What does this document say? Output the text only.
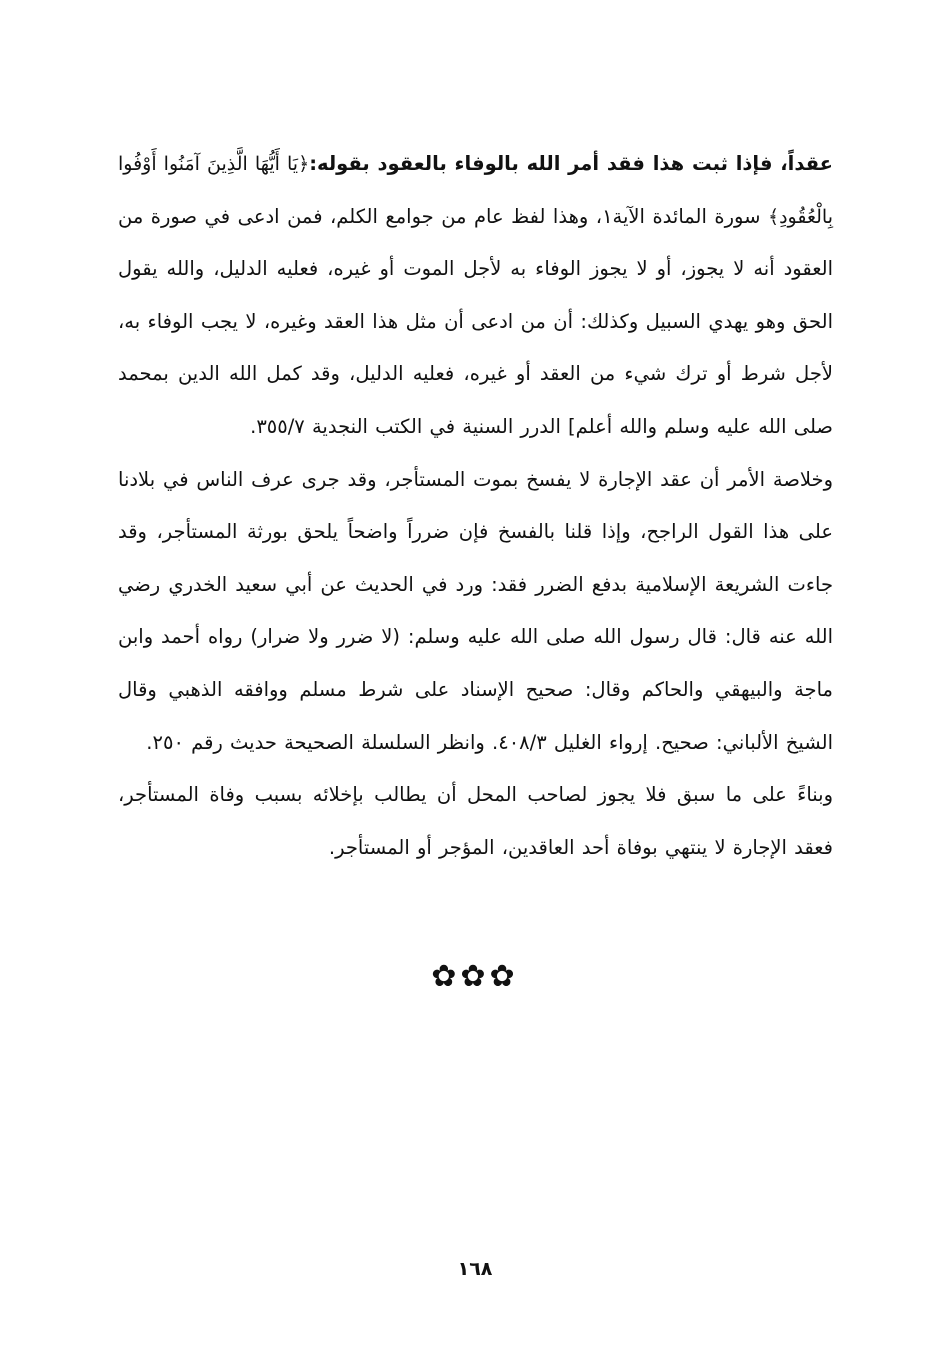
عقداً، فإذا ثبت هذا فقد أمر الله بالوفاء بالعقود بقوله:﴿يَا أَيُّهَا الَّذِينَ آمَنُوا أَوْفُوا بِالْعُقُودِ﴾ سورة المائدة الآية١، وهذا لفظ عام من جوامع الكلم، فمن ادعى في صورة من العقود أنه لا يجوز، أو لا يجوز الوفاء به لأجل الموت أو غيره، فعليه الدليل، والله يقول الحق وهو يهدي السبيل وكذلك: أن من ادعى أن مثل هذا العقد وغيره، لا يجب الوفاء به، لأجل شرط أو ترك شيء من العقد أو غيره، فعليه الدليل، وقد كمل الله الدين بمحمد صلى الله عليه وسلم والله أعلم] الدرر السنية في الكتب النجدية ٣٥٥/٧.

وخلاصة الأمر أن عقد الإجارة لا يفسخ بموت المستأجر، وقد جرى عرف الناس في بلادنا على هذا القول الراجح، وإذا قلنا بالفسخ فإن ضرراً واضحاً يلحق بورثة المستأجر، وقد جاءت الشريعة الإسلامية بدفع الضرر فقد: ورد في الحديث عن أبي سعيد الخدري رضي الله عنه قال: قال رسول الله صلى الله عليه وسلم: (لا ضرر ولا ضرار) رواه أحمد وابن ماجة والبيهقي والحاكم وقال: صحيح الإسناد على شرط مسلم ووافقه الذهبي وقال الشيخ الألباني: صحيح. إرواء الغليل ٤٠٨/٣. وانظر السلسلة الصحيحة حديث رقم ٢٥٠.

وبناءً على ما سبق فلا يجوز لصاحب المحل أن يطالب بإخلائه بسبب وفاة المستأجر، فعقد الإجارة لا ينتهي بوفاة أحد العاقدين، المؤجر أو المستأجر.

✿✿✿
١٦٨
